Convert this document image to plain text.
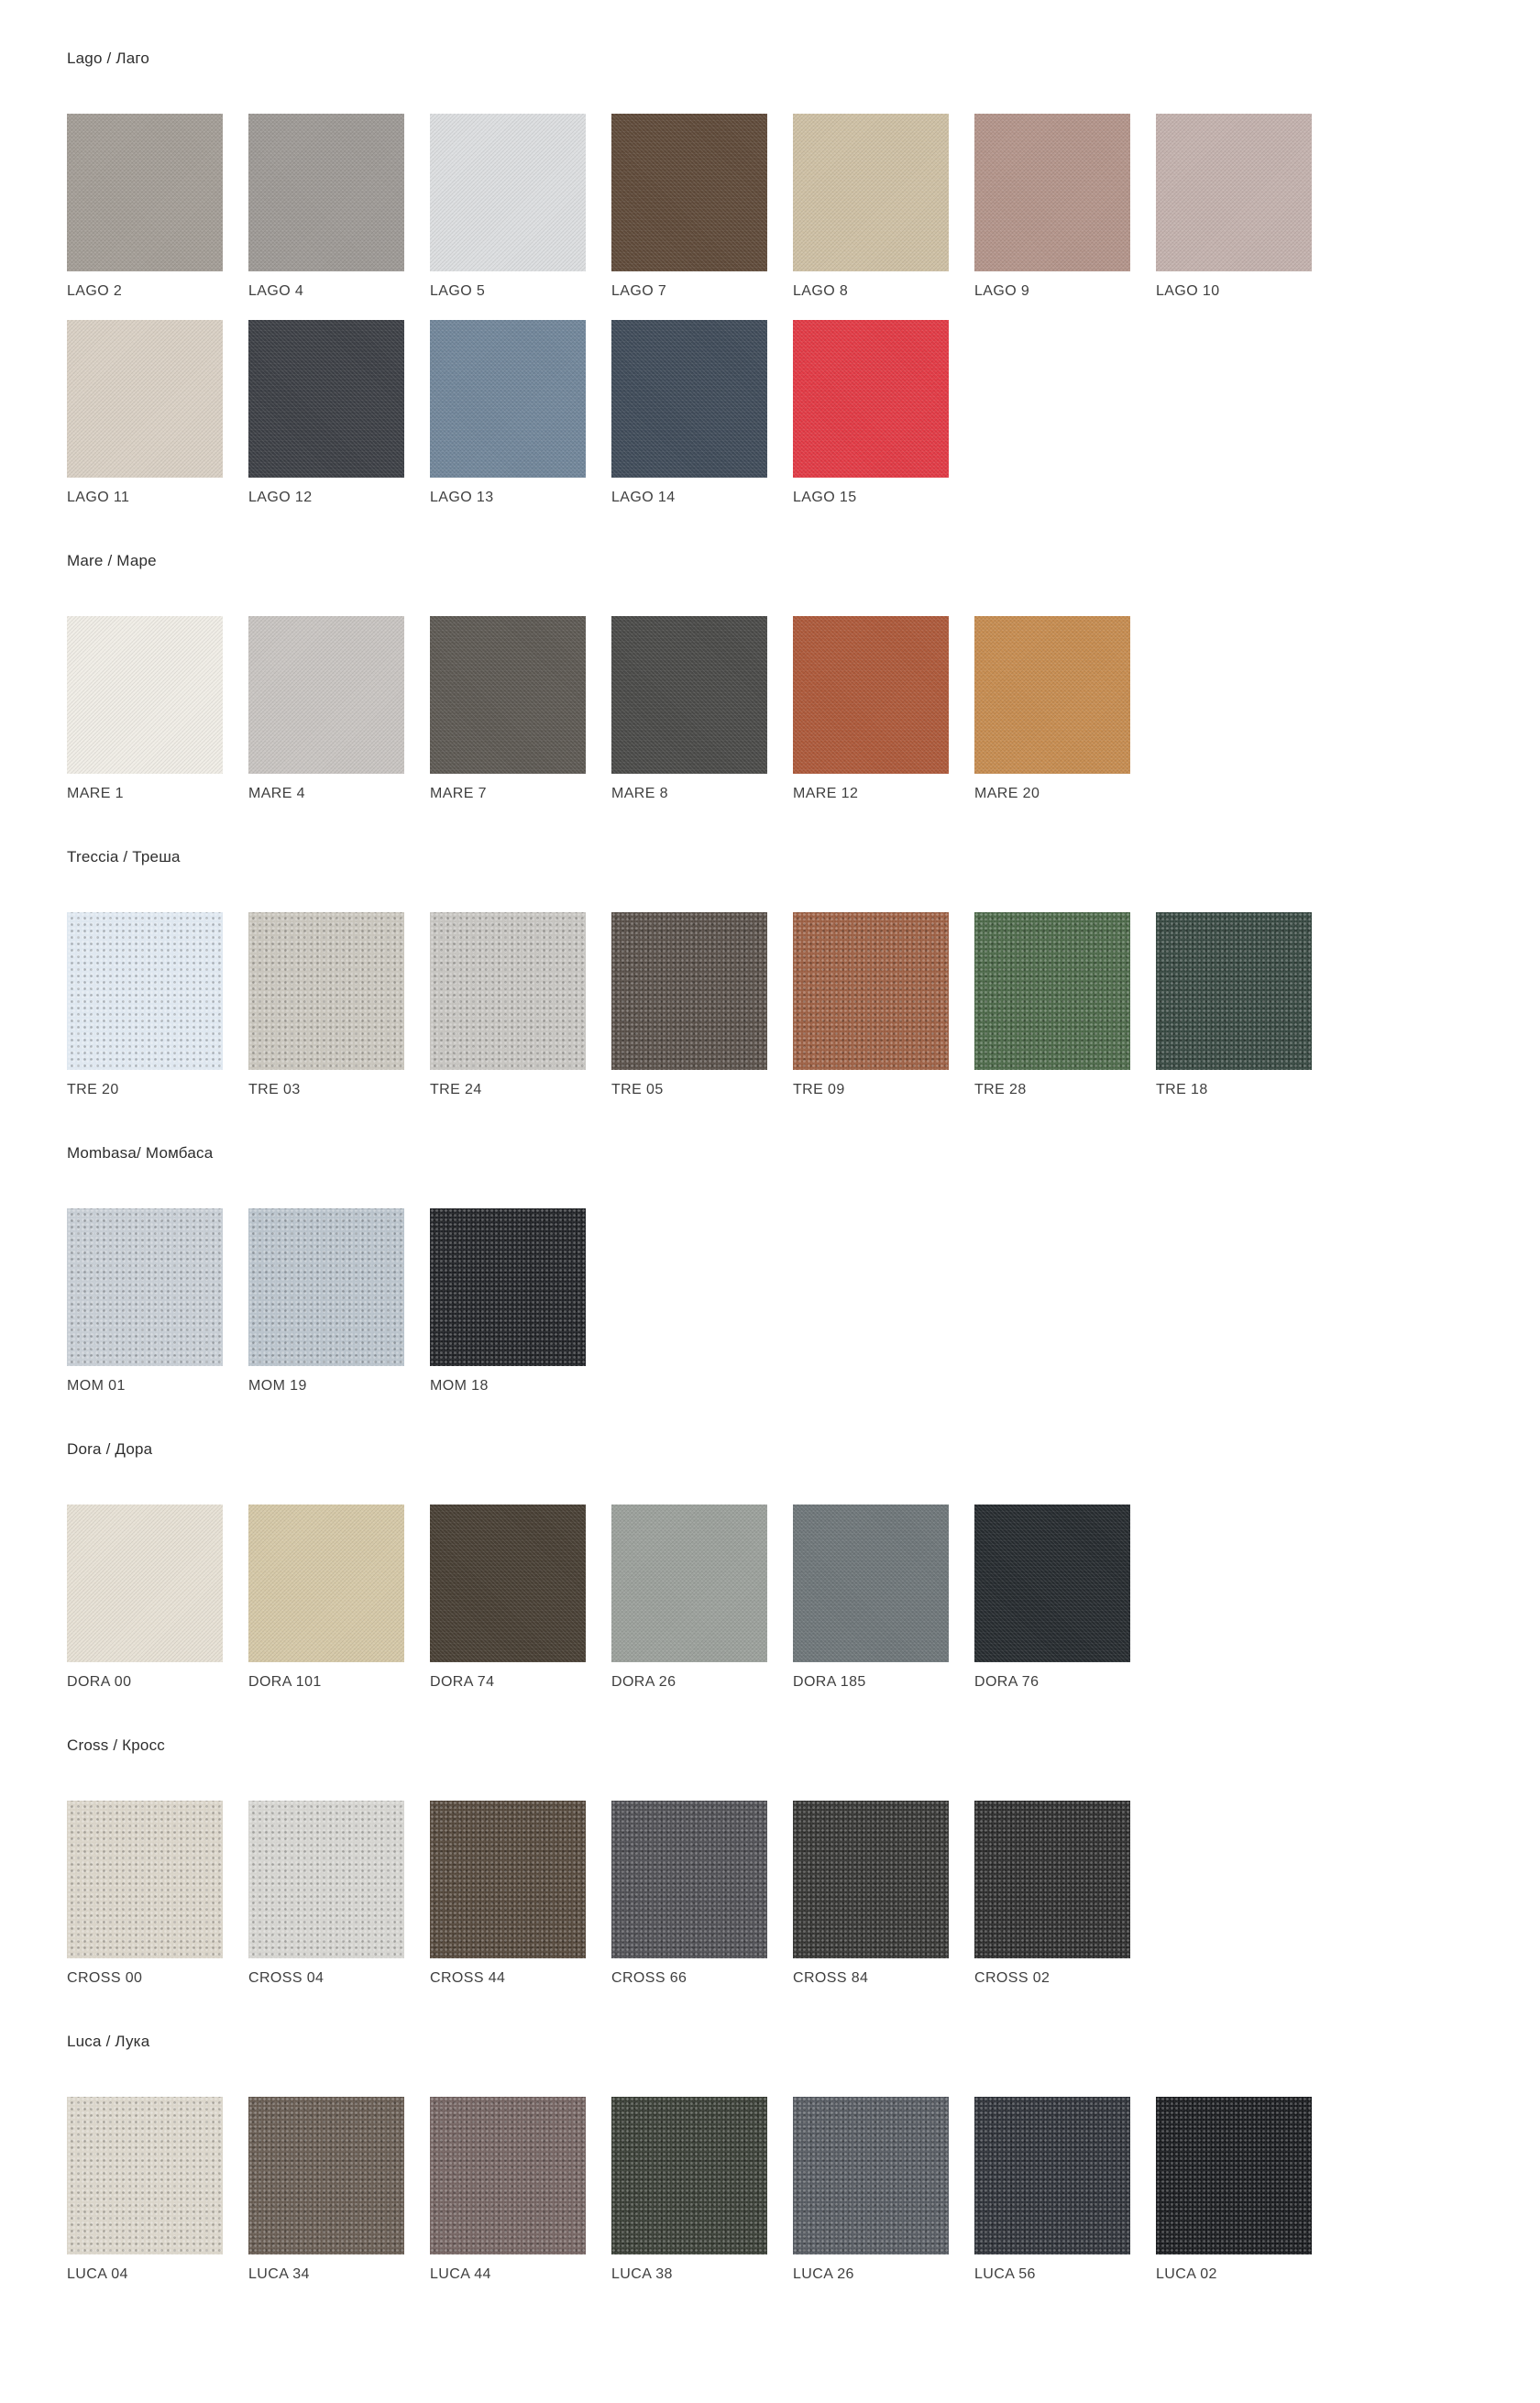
Lago / Лаго
LAGO 2	LAGO 4	LAGO 5	LAGO 7	LAGO 8	LAGO 9	LAGO 10
LAGO 11	LAGO 12	LAGO 13	LAGO 14	LAGO 15
Mare / Маре
MARE 1	MARE 4	MARE 7	MARE 8	MARE 12	MARE 20
Treccia / Треша
TRE 20	TRE 03	TRE 24	TRE 05	TRE 09	TRE 28	TRE 18
Mombasa/ Момбаса
MOM 01	MOM 19	MOM 18
Dora / Дора
DORA 00	DORA 101	DORA 74	DORA 26	DORA 185	DORA 76
Cross / Кросс
CROSS 00	CROSS 04	CROSS 44	CROSS 66	CROSS 84	CROSS 02
Luca / Лука
LUCA 04	LUCA 34	LUCA 44	LUCA 38	LUCA 26	LUCA 56	LUCA 02
